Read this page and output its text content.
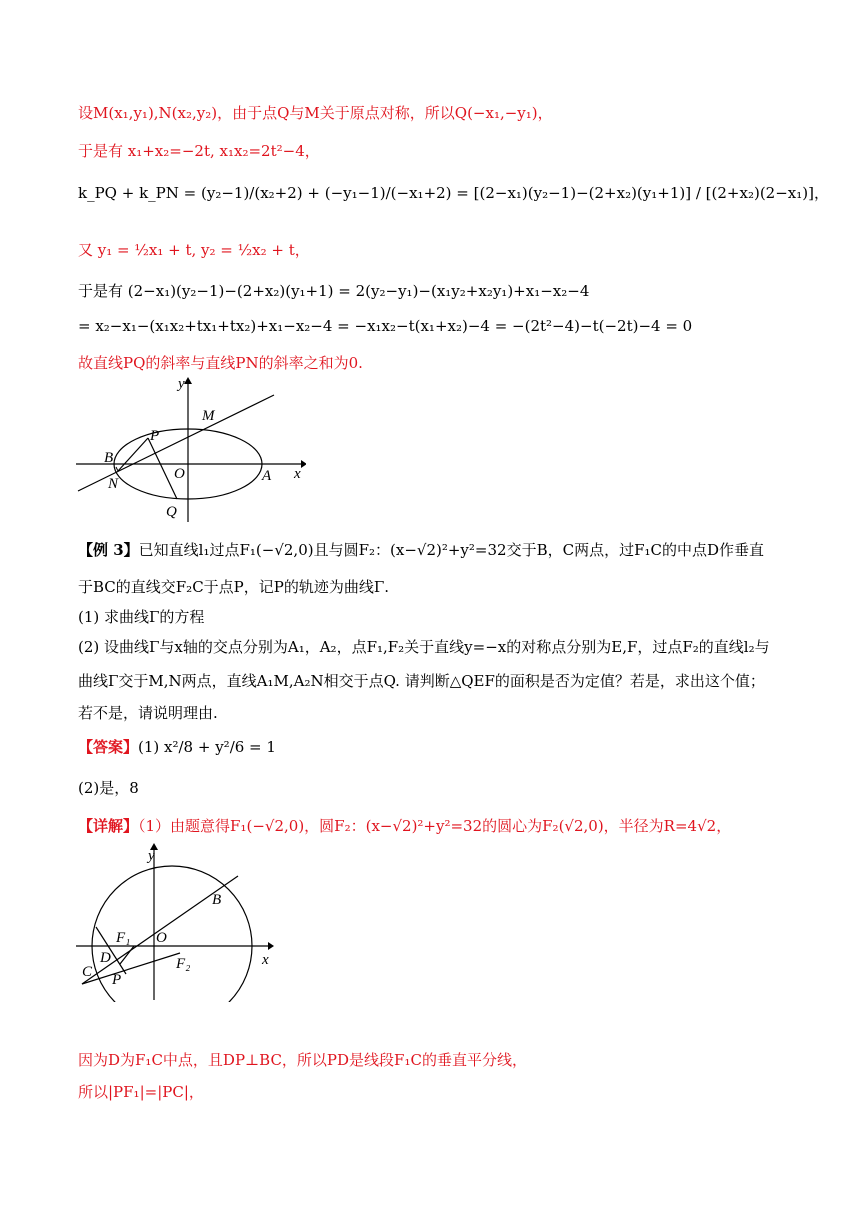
设M(x₁,y₁),N(x₂,y₂)，由于点Q与M关于原点对称，所以Q(−x₁,−y₁)，
于是有 x₁+x₂=−2t, x₁x₂=2t²−4，
k_PQ + k_PN = (y₂−1)/(x₂+2) + (−y₁−1)/(−x₁+2) = [(2−x₁)(y₂−1)−(2+x₂)(y₁+1)] / [(2+x₂)(2−x₁)]，
又 y₁ = ½x₁ + t, y₂ = ½x₂ + t，
于是有 (2−x₁)(y₂−1)−(2+x₂)(y₁+1) = 2(y₂−y₁)−(x₁y₂+x₂y₁)+x₁−x₂−4
= x₂−x₁−(x₁x₂+tx₁+tx₂)+x₁−x₂−4 = −x₁x₂−t(x₁+x₂)−4 = −(2t²−4)−t(−2t)−4 = 0
故直线PQ的斜率与直线PN的斜率之和为0.
y
x
M
P
B
O	A
N
Q
【例 3】已知直线l₁过点F₁(−√2,0)且与圆F₂：(x−√2)²+y²=32交于B，C两点，过F₁C的中点D作垂直
于BC的直线交F₂C于点P，记P的轨迹为曲线Γ.
(1) 求曲线Γ的方程
(2) 设曲线Γ与x轴的交点分别为A₁，A₂，点F₁,F₂关于直线y=−x的对称点分别为E,F，过点F₂的直线l₂与
曲线Γ交于M,N两点，直线A₁M,A₂N相交于点Q. 请判断△QEF的面积是否为定值？若是，求出这个值；
若不是，请说明理由.
【答案】(1) x²/8 + y²/6 = 1
(2)是，8
【详解】（1）由题意得F₁(−√2,0)，圆F₂：(x−√2)²+y²=32的圆心为F₂(√2,0)，半径为R=4√2，
y
x
B
F₁ O
D
C P
F₂
因为D为F₁C中点，且DP⊥BC，所以PD是线段F₁C的垂直平分线，
所以|PF₁|=|PC|，
